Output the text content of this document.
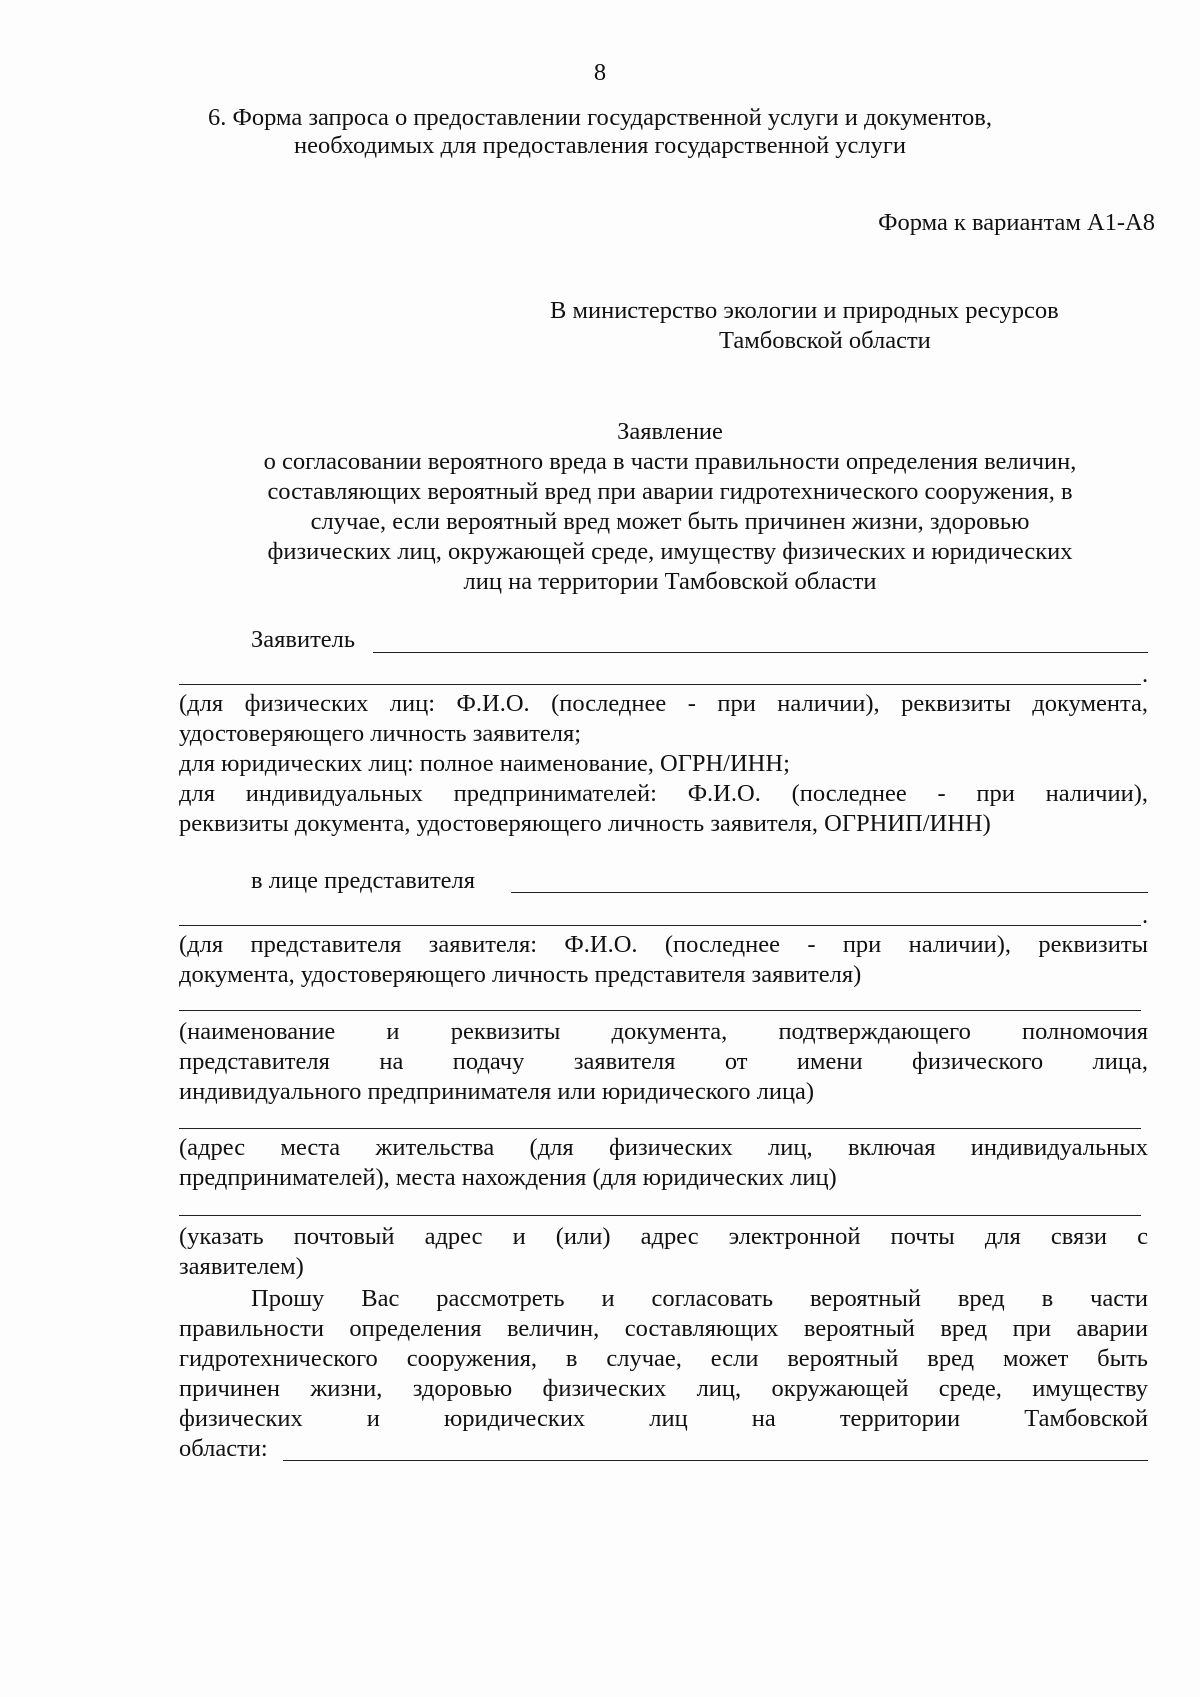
8
6. Форма запроса о предоставлении государственной услуги и документов,
необходимых для предоставления государственной услуги
Форма к вариантам А1-А8
В министерство экологии и природных ресурсов
Тамбовской области
Заявление
о согласовании вероятного вреда в части правильности определения величин,
составляющих вероятный вред при аварии гидротехнического сооружения, в
случае, если вероятный вред может быть причинен жизни, здоровью
физических лиц, окружающей среде, имуществу физических и юридических
лиц на территории Тамбовской области
Заявитель
.
(для физических лиц: Ф.И.О. (последнее - при наличии), реквизиты документа,
удостоверяющего личность заявителя;
для юридических лиц: полное наименование, ОГРН/ИНН;
для индивидуальных предпринимателей: Ф.И.О. (последнее - при наличии),
реквизиты документа, удостоверяющего личность заявителя, ОГРНИП/ИНН)
в лице представителя
.
(для представителя заявителя: Ф.И.О. (последнее - при наличии), реквизиты
документа, удостоверяющего личность представителя заявителя)
(наименование и реквизиты документа, подтверждающего полномочия
представителя на подачу заявителя от имени физического лица,
индивидуального предпринимателя или юридического лица)
(адрес места жительства (для физических лиц, включая индивидуальных
предпринимателей), места нахождения (для юридических лиц)
(указать почтовый адрес и (или) адрес электронной почты для связи с
заявителем)
Прошу Вас рассмотреть и согласовать вероятный вред в части
правильности определения величин, составляющих вероятный вред при аварии
гидротехнического сооружения, в случае, если вероятный вред может быть
причинен жизни, здоровью физических лиц, окружающей среде, имуществу
физических и юридических лиц на территории Тамбовской
области:
